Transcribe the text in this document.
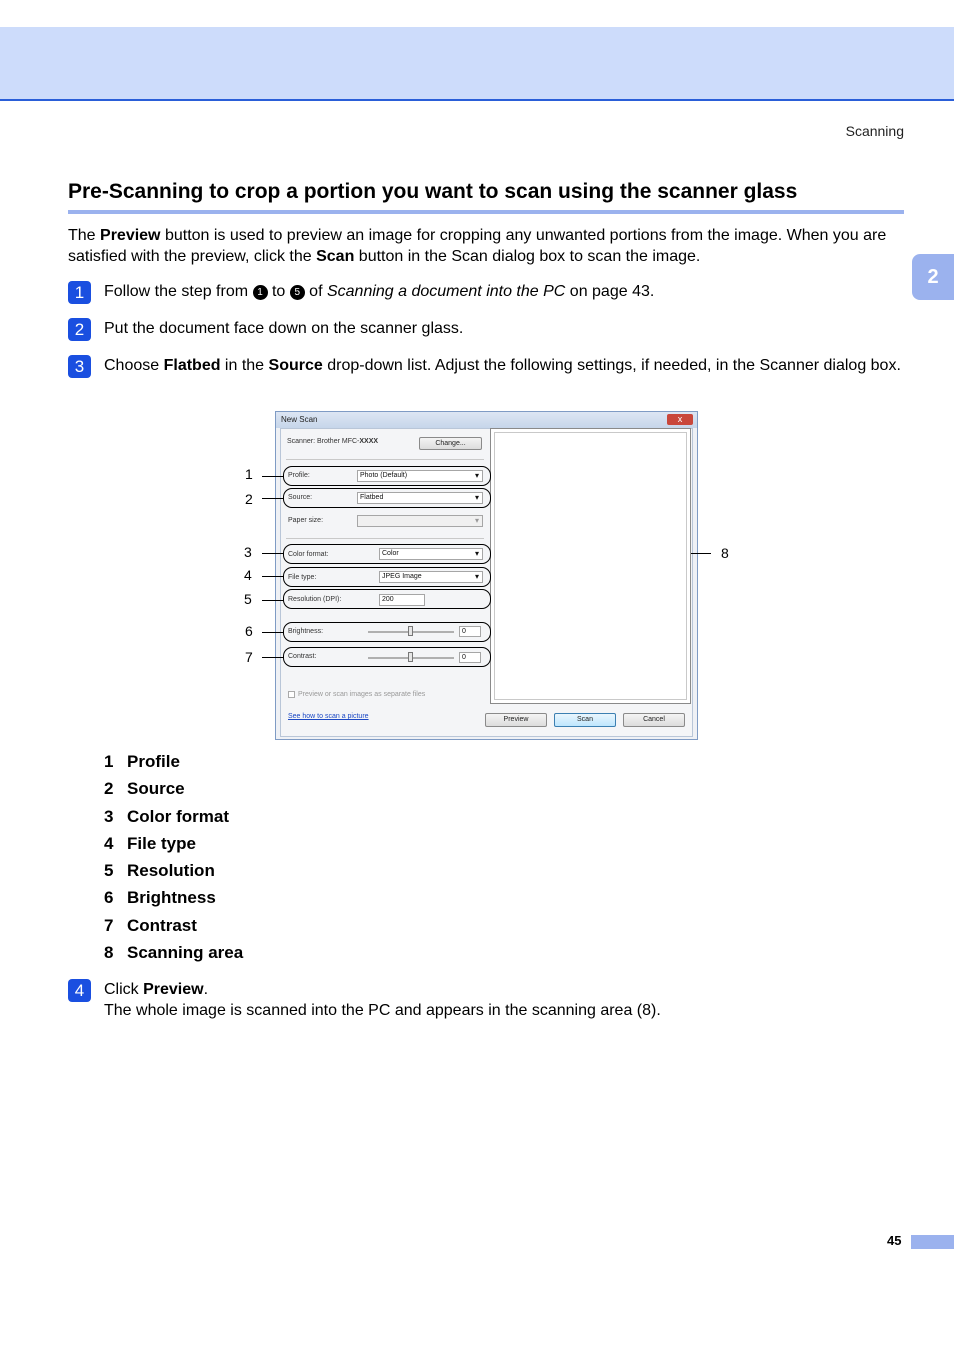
Scanning
2
Pre-Scanning to crop a portion you want to scan using the scanner glass
The Preview button is used to preview an image for cropping any unwanted portions from the image. When you are satisfied with the preview, click the Scan button in the Scan dialog box to scan the image.
1	Follow the step from 1 to 5 of Scanning a document into the PC on page 43.
2	Put the document face down on the scanner glass.
3	Choose Flatbed in the Source drop-down list. Adjust the following settings, if needed, in the Scanner dialog box.
New Scan	x
Scanner: Brother MFC-XXXX	Change...
Profile:	Photo (Default) ▾
Source:	Flatbed ▾
Paper size:
▾
Color format:	Color ▾
File type:	JPEG Image ▾
Resolution (DPI):	200
Brightness:	0
Contrast:	0
Preview or scan images as separate files
See how to scan a picture	Preview	Scan	Cancel
1
2
3
4
5
6
7
8
1 Profile
2 Source
3 Color format
4 File type
5 Resolution
6 Brightness
7 Contrast
8 Scanning area
4	Click Preview.
The whole image is scanned into the PC and appears in the scanning area (8).
45
